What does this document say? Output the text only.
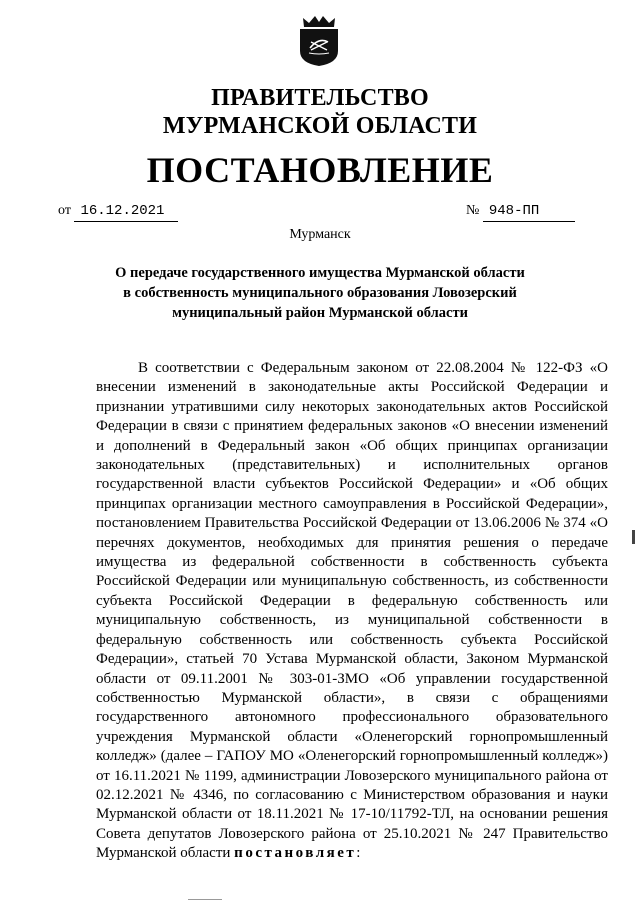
ПРАВИТЕЛЬСТВО
МУРМАНСКОЙ ОБЛАСТИ
ПОСТАНОВЛЕНИЕ
от 16.12.2021	№ 948-ПП
Мурманск
О передаче государственного имущества Мурманской области
в собственность муниципального образования Ловозерский
муниципальный район Мурманской области
В соответствии с Федеральным законом от 22.08.2004 № 122-ФЗ «О внесении изменений в законодательные акты Российской Федерации и признании утратившими силу некоторых законодательных актов Российской Федерации в связи с принятием федеральных законов «О внесении изменений и дополнений в Федеральный закон «Об общих принципах организации законодательных (представительных) и исполнительных органов государственной власти субъектов Российской Федерации» и «Об общих принципах организации местного самоуправления в Российской Федерации», постановлением Правительства Российской Федерации от 13.06.2006 № 374 «О перечнях документов, необходимых для принятия решения о передаче имущества из федеральной собственности в собственность субъекта Российской Федерации или муниципальную собственность, из собственности субъекта Российской Федерации в федеральную собственность или муниципальную собственность, из муниципальной собственности в федеральную собственность или собственность субъекта Российской Федерации», статьей 70 Устава Мурманской области, Законом Мурманской области от 09.11.2001 № 303-01-ЗМО «Об управлении государственной собственностью Мурманской области», в связи с обращениями государственного автономного профессионального образовательного учреждения Мурманской области «Оленегорский горнопромышленный колледж» (далее – ГАПОУ МО «Оленегорский горнопромышленный колледж») от 16.11.2021 № 1199, администрации Ловозерского муниципального района от 02.12.2021 № 4346, по согласованию с Министерством образования и науки Мурманской области от 18.11.2021 № 17-10/11792-ТЛ, на основании решения Совета депутатов Ловозерского района от 25.10.2021 № 247 Правительство Мурманской области постановляет:
